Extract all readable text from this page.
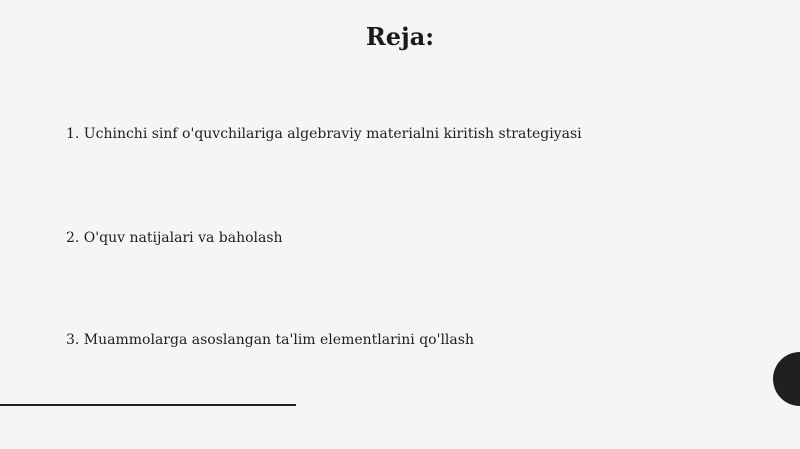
Reja:
1. Uchinchi sinf o'quvchilariga algebraviy materialni kiritish strategiyasi
2. O'quv natijalari va baholash
3. Muammolarga asoslangan ta'lim elementlarini qo'llash
